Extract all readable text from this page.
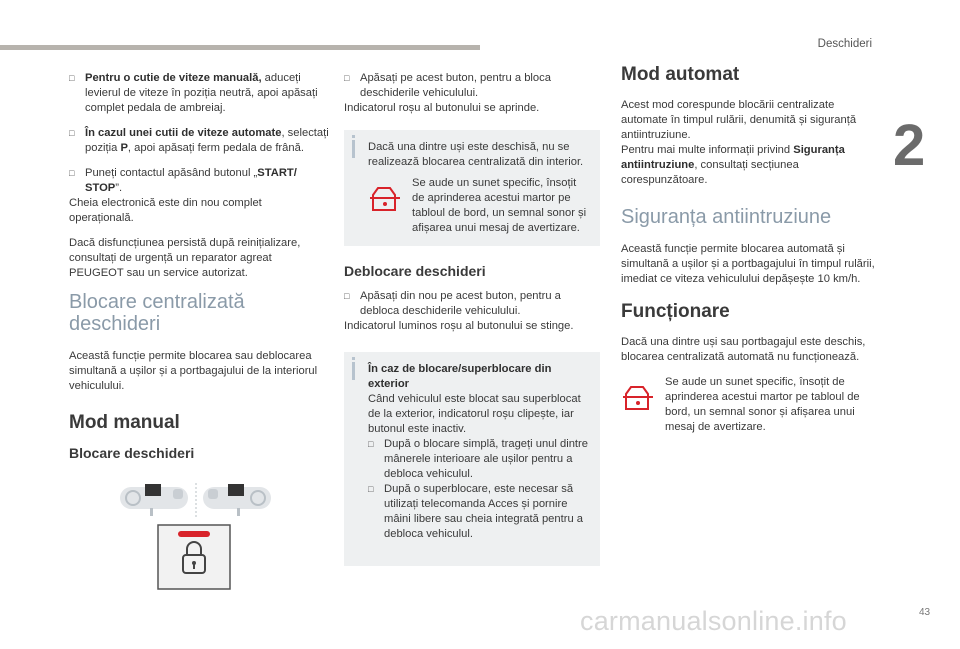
Deschideri
2
carmanualsonline.info	43
□ Pentru o cutie de viteze manuală, aduceți levierul de viteze în poziția neutră, apoi apăsați complet pedala de ambreiaj.
□ În cazul unei cutii de viteze automate, selectați poziția P, apoi apăsați ferm pedala de frână.
□ Puneți contactul apăsând butonul „START/ STOP”.

Cheia electronică este din nou complet operațională.

Dacă disfuncțiunea persistă după reinițializare, consultați de urgență un reparator agreat PEUGEOT sau un service autorizat.

Blocare centralizată deschideri

Această funcție permite blocarea sau deblocarea simultană a ușilor și a portbagajului de la interiorul vehiculului.

Mod manual
Blocare deschideri
□ Apăsați pe acest buton, pentru a bloca deschiderile vehiculului.

Indicatorul roșu al butonului se aprinde.

Dacă una dintre uși este deschisă, nu se realizează blocarea centralizată din interior.
Se aude un sunet specific, însoțit de aprinderea acestui martor pe tabloul de bord, un semnal sonor și afișarea unui mesaj de avertizare.
Deblocare deschideri
□ Apăsați din nou pe acest buton, pentru a debloca deschiderile vehiculului.

Indicatorul luminos roșu al butonului se stinge.

În caz de blocare/superblocare din exterior
Când vehiculul este blocat sau superblocat de la exterior, indicatorul roșu clipește, iar butonul este inactiv.
□ După o blocare simplă, trageți unul dintre mânerele interioare ale ușilor pentru a debloca vehiculul.
□ După o superblocare, este necesar să utilizați telecomanda Acces și pornire mâini libere sau cheia integrată pentru a debloca vehiculul.
Mod automat

Acest mod corespunde blocării centralizate automate în timpul rulării, denumită și siguranță antiintruziune.
Pentru mai multe informații privind Siguranța antiintruziune, consultați secțiunea corespunzătoare.

Siguranța antiintruziune

Această funcție permite blocarea automată și simultană a ușilor și a portbagajului în timpul rulării, imediat ce viteza vehiculului depășește 10 km/h.

Funcționare

Dacă una dintre uși sau portbagajul este deschis, blocarea centralizată automată nu funcționează.

Se aude un sunet specific, însoțit de aprinderea acestui martor pe tabloul de bord, un semnal sonor și afișarea unui mesaj de avertizare.
